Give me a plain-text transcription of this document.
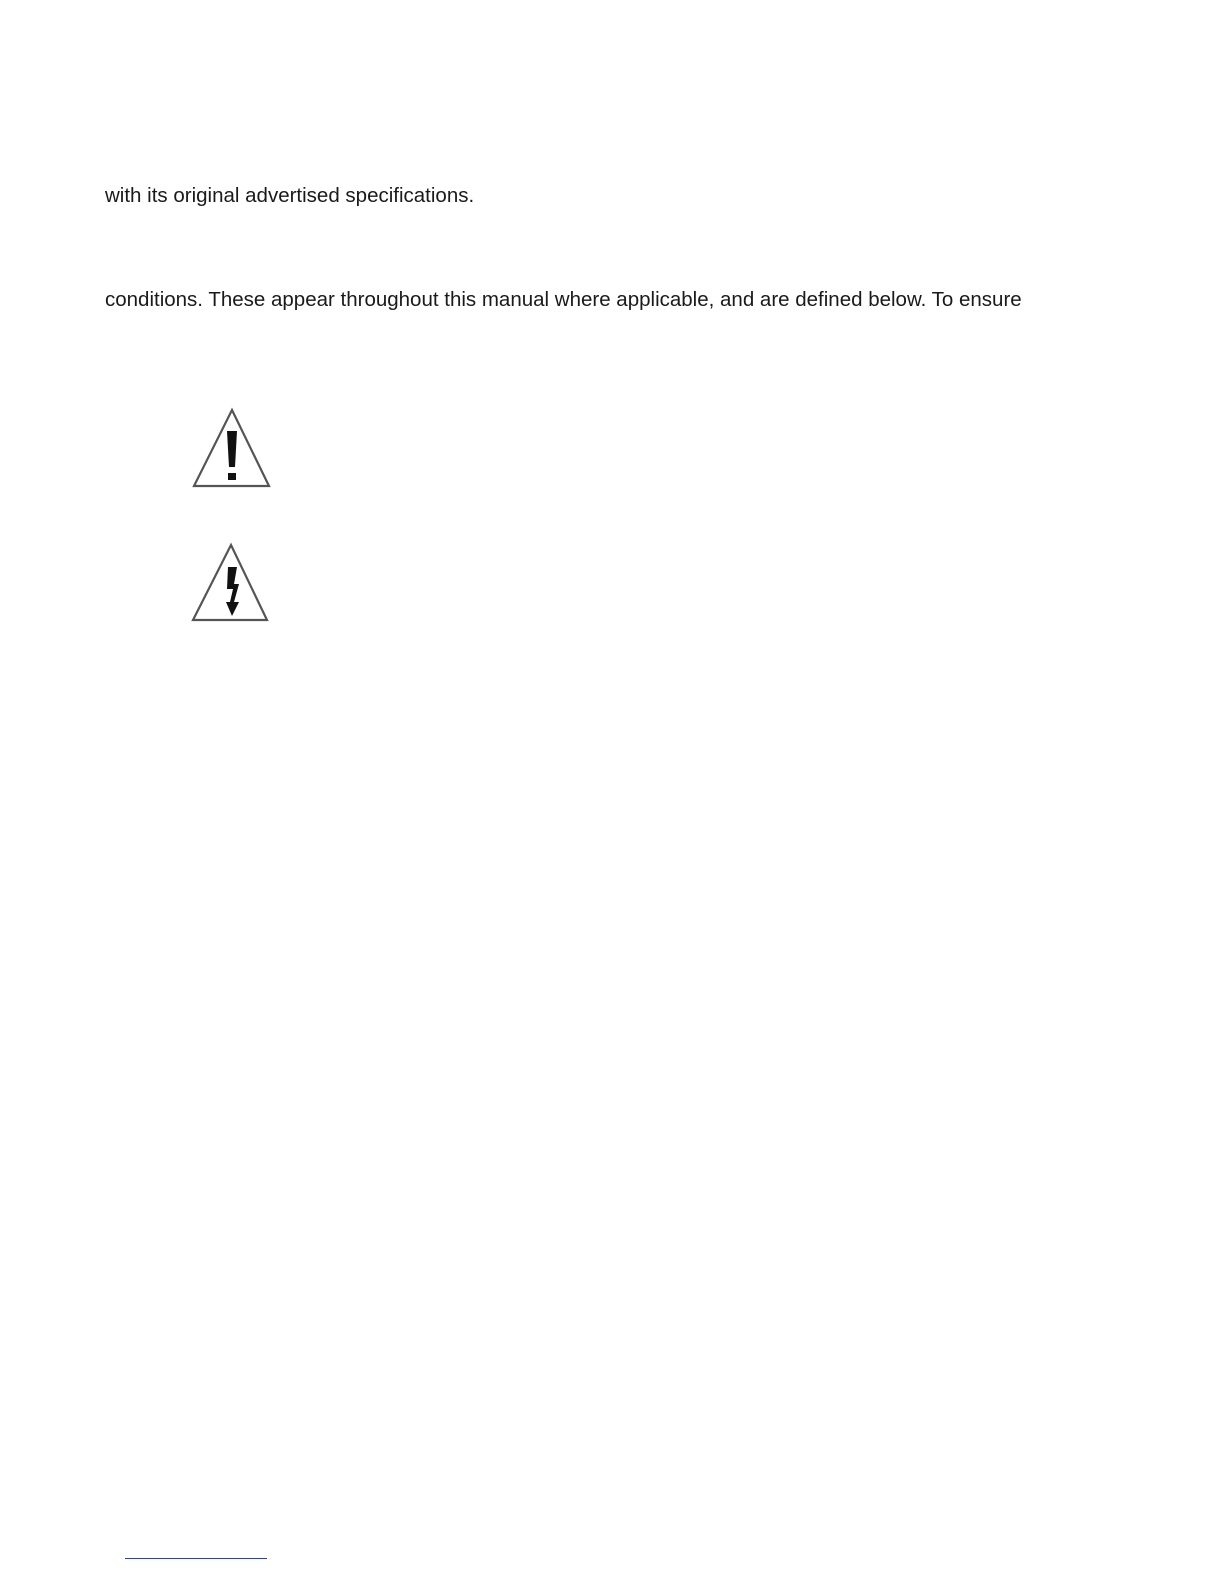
with its original advertised specifications.
conditions. These appear throughout this manual where applicable, and are defined below. To ensure
